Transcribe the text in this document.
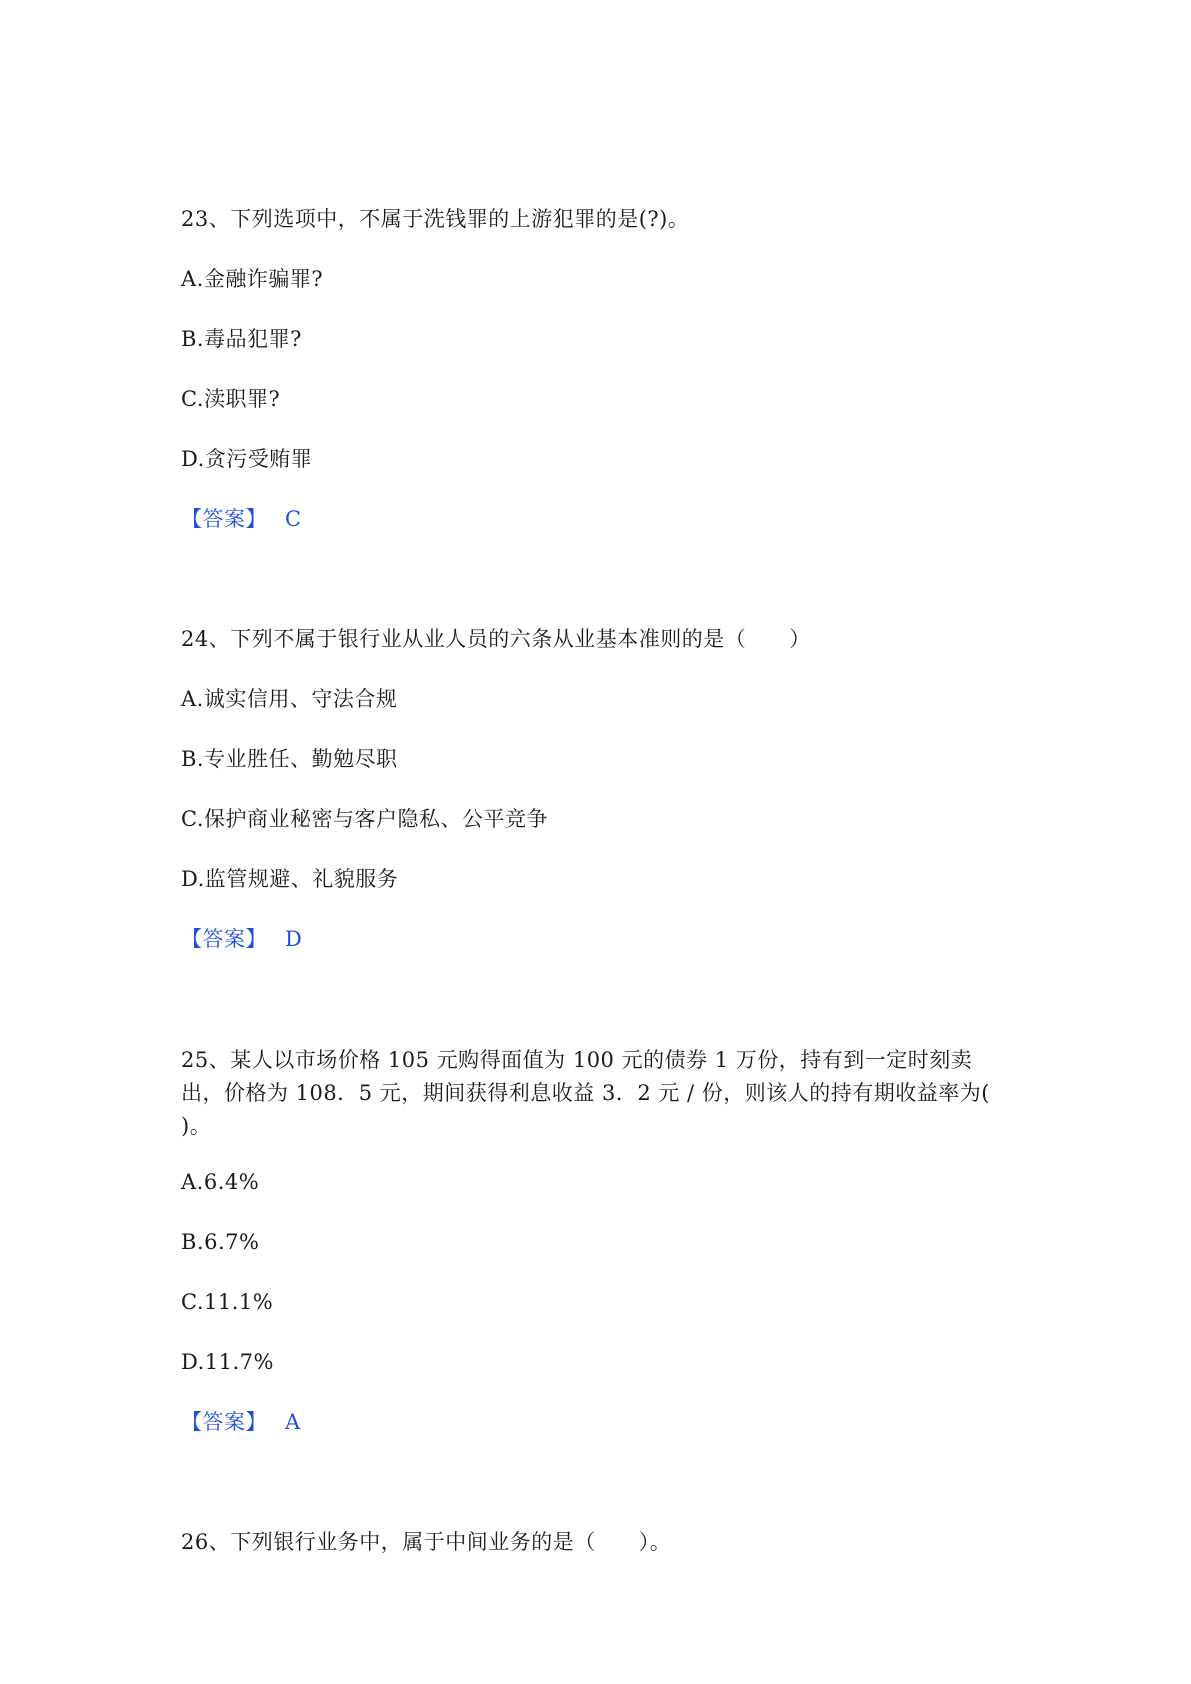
23、下列选项中，不属于洗钱罪的上游犯罪的是(?)。
A.金融诈骗罪?
B.毒品犯罪?
C.渎职罪?
D.贪污受贿罪
【答案】 C
24、下列不属于银行业从业人员的六条从业基本准则的是（　　）
A.诚实信用、守法合规
B.专业胜任、勤勉尽职
C.保护商业秘密与客户隐私、公平竞争
D.监管规避、礼貌服务
【答案】 D
25、某人以市场价格 105 元购得面值为 100 元的债券 1 万份，持有到一定时刻卖出，价格为 108．5 元，期间获得利息收益 3．2 元 / 份，则该人的持有期收益率为( )。
A.6.4%
B.6.7%
C.11.1%
D.11.7%
【答案】 A
26、下列银行业务中，属于中间业务的是（　　）。
